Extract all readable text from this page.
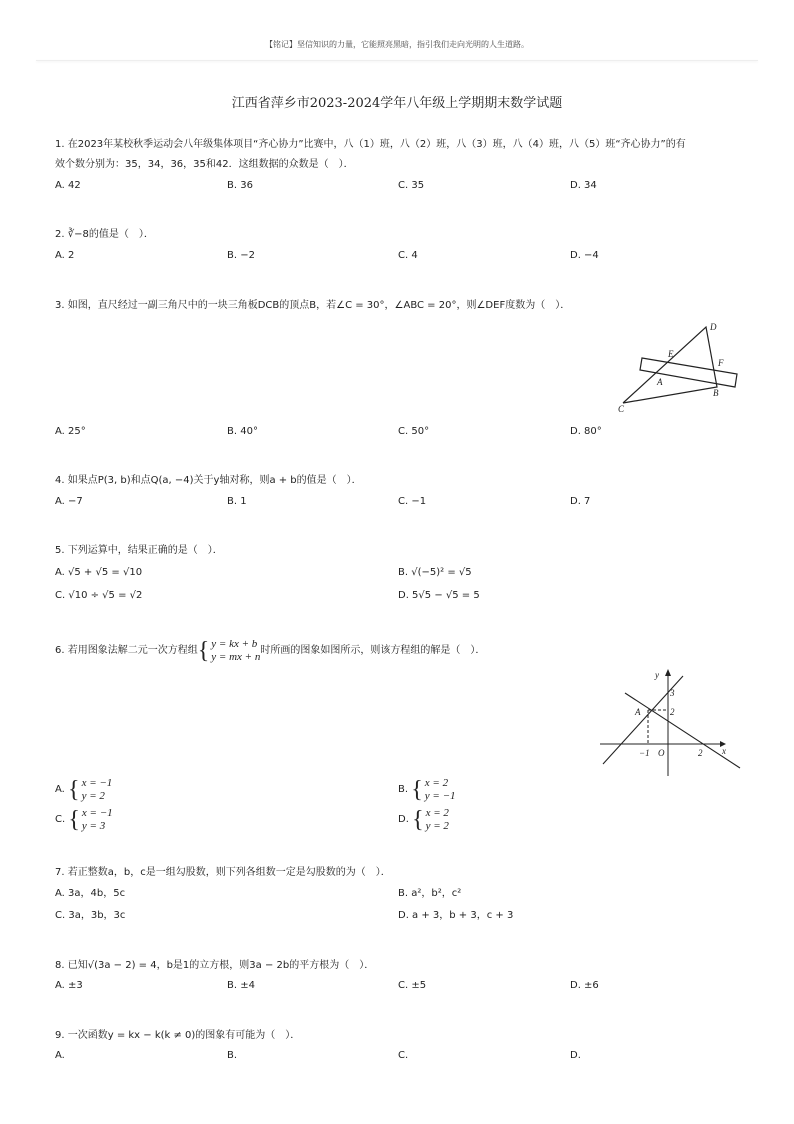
【铭记】坚信知识的力量，它能照亮黑暗，指引我们走向光明的人生道路。
江西省萍乡市2023-2024学年八年级上学期期末数学试题
1. 在2023年某校秋季运动会八年级集体项目“齐心协力”比赛中，八（1）班，八（2）班，八（3）班，八（4）班，八（5）班“齐心协力”的有
效个数分别为：35，34，36，35和42．这组数据的众数是（　）．
A. 42	B. 36	C. 35	D. 34
2. ∛−8的值是（　）．
A. 2	B. −2	C. 4	D. −4
3. 如图，直尺经过一副三角尺中的一块三角板DCB的顶点B，若∠C = 30°，∠ABC = 20°，则∠DEF度数为（　）．
D
E
F
A
B
C
A. 25°	B. 40°	C. 50°	D. 80°
4. 如果点P(3, b)和点Q(a, −4)关于y轴对称，则a + b的值是（　）．
A. −7	B. 1	C. −1	D. 7
5. 下列运算中，结果正确的是（　）．
A. √5 + √5 = √10	B. √(−5)² = √5
C. √10 ÷ √5 = √2	D. 5√5 − √5 = 5
6. 若用图象法解二元一次方程组 { y = kx + b
y = mx + n
时所画的图象如图所示，则该方程组的解是（　）．
y
x
O
A
3
2
−1	2
A.
{ x = −1
y = 2
B.
{ x = 2
y = −1
C.
{ x = −1
y = 3
D.
{ x = 2
y = 2
7. 若正整数a，b，c是一组勾股数，则下列各组数一定是勾股数的为（　）．
A. 3a，4b，5c	B. a²，b²，c²
C. 3a，3b，3c	D. a + 3，b + 3，c + 3
8. 已知√(3a − 2) = 4，b是1的立方根，则3a − 2b的平方根为（　）．
A. ±3	B. ±4	C. ±5	D. ±6
9. 一次函数y = kx − k(k ≠ 0)的图象有可能为（　）．
A.	B.	C.	D.
